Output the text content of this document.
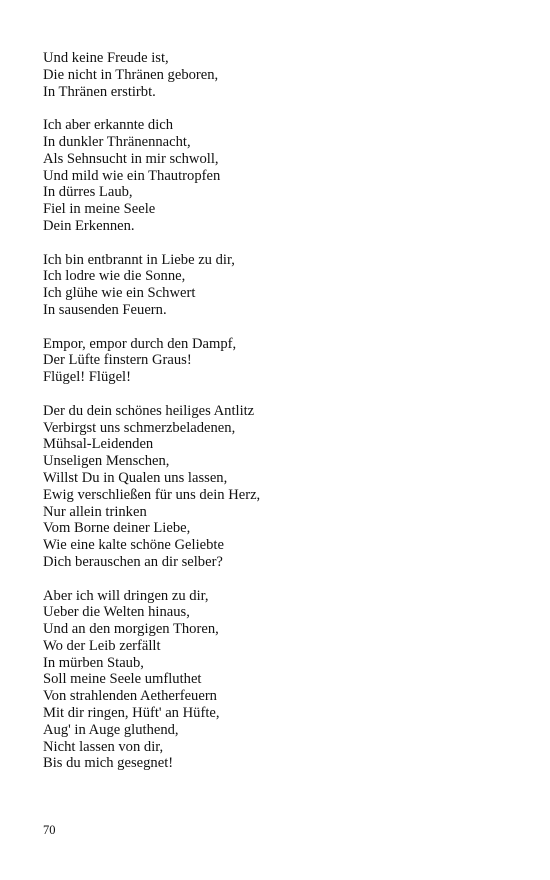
Und keine Freude ist,
Die nicht in Thränen geboren,
In Thränen erstirbt.
Ich aber erkannte dich
In dunkler Thränennacht,
Als Sehnsucht in mir schwoll,
Und mild wie ein Thautropfen
In dürres Laub,
Fiel in meine Seele
Dein Erkennen.
Ich bin entbrannt in Liebe zu dir,
Ich lodre wie die Sonne,
Ich glühe wie ein Schwert
In sausenden Feuern.
Empor, empor durch den Dampf,
Der Lüfte finstern Graus!
Flügel! Flügel!
Der du dein schönes heiliges Antlitz
Verbirgst uns schmerzbeladenen,
Mühsal-Leidenden
Unseligen Menschen,
Willst Du in Qualen uns lassen,
Ewig verschließen für uns dein Herz,
Nur allein trinken
Vom Borne deiner Liebe,
Wie eine kalte schöne Geliebte
Dich berauschen an dir selber?
Aber ich will dringen zu dir,
Ueber die Welten hinaus,
Und an den morgigen Thoren,
Wo der Leib zerfällt
In mürben Staub,
Soll meine Seele umfluthet
Von strahlenden Aetherfeuern
Mit dir ringen, Hüft' an Hüfte,
Aug' in Auge gluthend,
Nicht lassen von dir,
Bis du mich gesegnet!
70
